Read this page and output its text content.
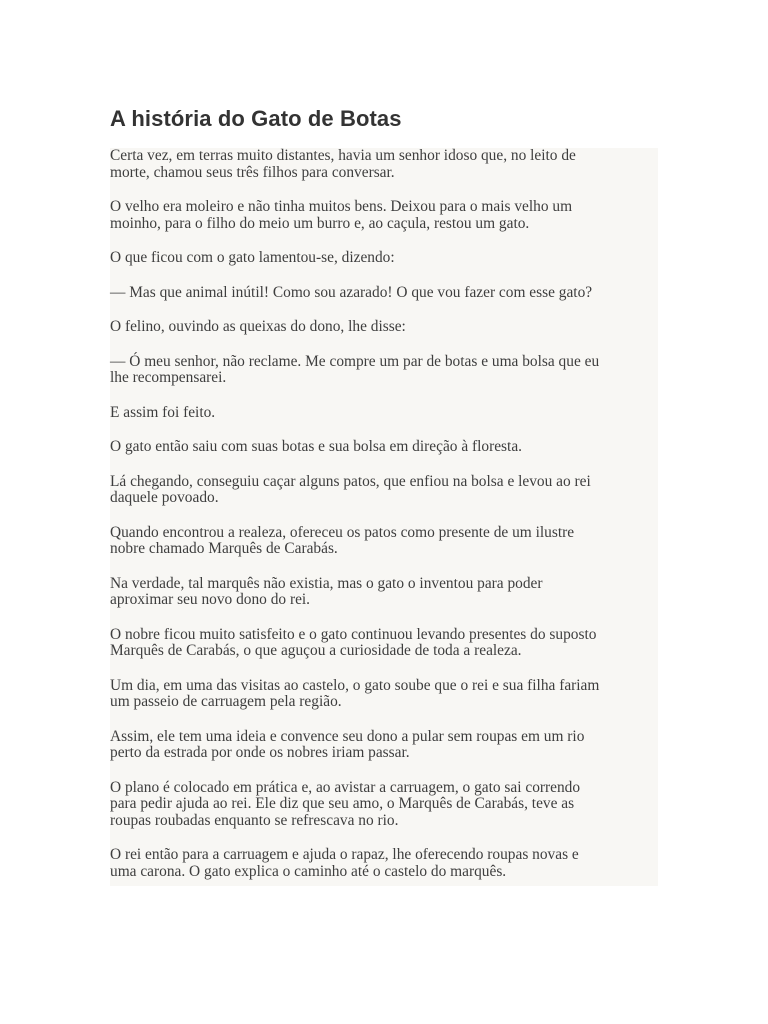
A história do Gato de Botas

Certa vez, em terras muito distantes, havia um senhor idoso que, no leito de
morte, chamou seus três filhos para conversar.

O velho era moleiro e não tinha muitos bens. Deixou para o mais velho um
moinho, para o filho do meio um burro e, ao caçula, restou um gato.

O que ficou com o gato lamentou-se, dizendo:

— Mas que animal inútil! Como sou azarado! O que vou fazer com esse gato?

O felino, ouvindo as queixas do dono, lhe disse:

— Ó meu senhor, não reclame. Me compre um par de botas e uma bolsa que eu
lhe recompensarei.

E assim foi feito.

O gato então saiu com suas botas e sua bolsa em direção à floresta.

Lá chegando, conseguiu caçar alguns patos, que enfiou na bolsa e levou ao rei
daquele povoado.

Quando encontrou a realeza, ofereceu os patos como presente de um ilustre
nobre chamado Marquês de Carabás.

Na verdade, tal marquês não existia, mas o gato o inventou para poder
aproximar seu novo dono do rei.

O nobre ficou muito satisfeito e o gato continuou levando presentes do suposto
Marquês de Carabás, o que aguçou a curiosidade de toda a realeza.

Um dia, em uma das visitas ao castelo, o gato soube que o rei e sua filha fariam
um passeio de carruagem pela região.

Assim, ele tem uma ideia e convence seu dono a pular sem roupas em um rio
perto da estrada por onde os nobres iriam passar.

O plano é colocado em prática e, ao avistar a carruagem, o gato sai correndo
para pedir ajuda ao rei. Ele diz que seu amo, o Marquês de Carabás, teve as
roupas roubadas enquanto se refrescava no rio.

O rei então para a carruagem e ajuda o rapaz, lhe oferecendo roupas novas e
uma carona. O gato explica o caminho até o castelo do marquês.
